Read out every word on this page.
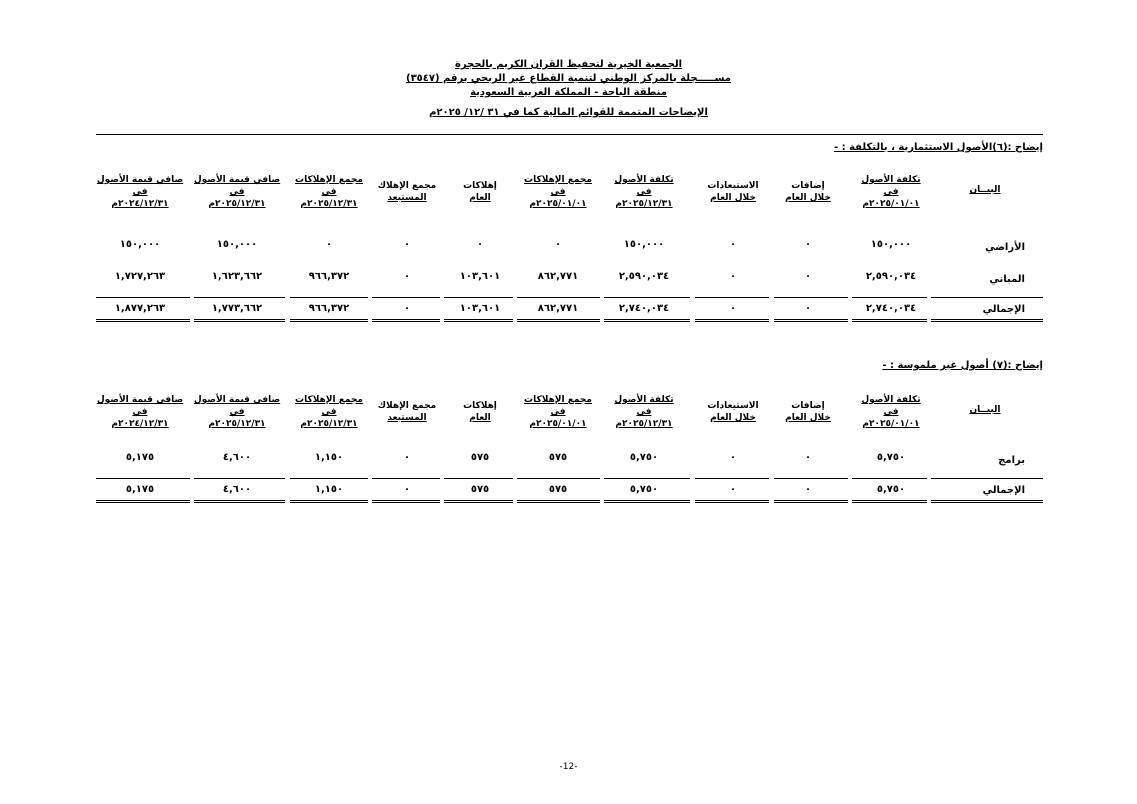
الجمعية الخيرية لتحفيظ القران الكريم بالحجرة
مســـــجلة بالمركز الوطني لتنمية القطاع غير الربحي برقم (٣٥٤٧)
منطقة الباحة - المملكة العربية السعودية
الإيضاحات المتممة للقوائم المالية كما في ٣١ /١٢/ ٢٠٢٥م
إيضاح :(٦)الأصول الاستثمارية ، بالتكلفة : -
البيــان
تكلفة الأصول
في
٢٠٢٥/٠١/٠١م
إضافات
خلال العام
الاستبعادات
خلال العام
تكلفة الأصول
في
٢٠٢٥/١٢/٣١م
مجمع الإهلاكات
في
٢٠٢٥/٠١/٠١م
إهلاكات
العام
مجمع الإهلاك
المستبعد
مجمع الإهلاكات
في
٢٠٢٥/١٢/٣١م
صافي قيمة الأصول
في
٢٠٢٥/١٢/٣١م
صافي قيمة الأصول
في
٢٠٢٤/١٢/٣١م
الأراضي
١٥٠,٠٠٠
٠
٠
١٥٠,٠٠٠
٠
٠
٠
٠
١٥٠,٠٠٠
١٥٠,٠٠٠
المباني
٢,٥٩٠,٠٣٤
٠
٠
٢,٥٩٠,٠٣٤
٨٦٢,٧٧١
١٠٣,٦٠١
٠
٩٦٦,٣٧٢
١,٦٢٣,٦٦٢
١,٧٢٧,٢٦٣
الإجمالي
٢,٧٤٠,٠٣٤
٠
٠
٢,٧٤٠,٠٣٤
٨٦٢,٧٧١
١٠٣,٦٠١
٠
٩٦٦,٣٧٢
١,٧٧٣,٦٦٢
١,٨٧٧,٢٦٣
إيضاح :(٧) أصول غير ملموسة : -
البيــان
تكلفة الأصول
في
٢٠٢٥/٠١/٠١م
إضافات
خلال العام
الاستبعادات
خلال العام
تكلفة الأصول
في
٢٠٢٥/١٢/٣١م
مجمع الإهلاكات
في
٢٠٢٥/٠١/٠١م
إهلاكات
العام
مجمع الإهلاك
المستبعد
مجمع الإهلاكات
في
٢٠٢٥/١٢/٣١م
صافي قيمة الأصول
في
٢٠٢٥/١٢/٣١م
صافي قيمة الأصول
في
٢٠٢٤/١٢/٣١م
برامج
٥,٧٥٠
٠
٠
٥,٧٥٠
٥٧٥
٥٧٥
٠
١,١٥٠
٤,٦٠٠
٥,١٧٥
الإجمالي
٥,٧٥٠
٠
٠
٥,٧٥٠
٥٧٥
٥٧٥
٠
١,١٥٠
٤,٦٠٠
٥,١٧٥
-12-
